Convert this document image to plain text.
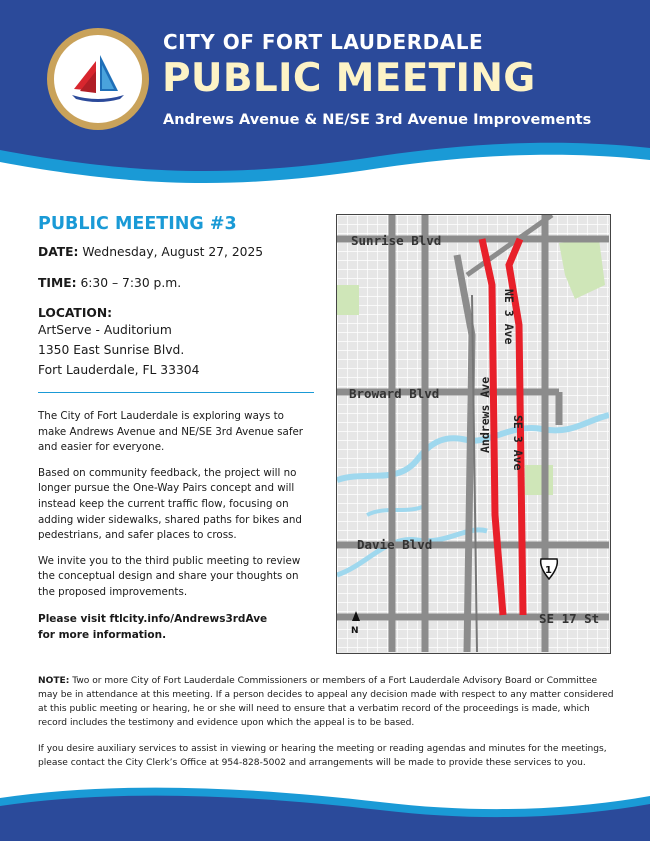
CITY OF FORT LAUDERDALE
PUBLIC MEETING
Andrews Avenue & NE/SE 3rd Avenue Improvements
PUBLIC MEETING #3
DATE: Wednesday, August 27, 2025
TIME: 6:30 – 7:30 p.m.
LOCATION:
ArtServe - Auditorium
1350 East Sunrise Blvd.
Fort Lauderdale, FL 33304

The City of Fort Lauderdale is exploring ways to make Andrews Avenue and NE/SE 3rd Avenue safer and easier for everyone.

Based on community feedback, the project will no longer pursue the One-Way Pairs concept and will instead keep the current traffic flow, focusing on adding wider sidewalks, shared paths for bikes and pedestrians, and safer places to cross.

We invite you to the third public meeting to review the conceptual design and share your thoughts on the proposed improvements.

Please visit ftlcity.info/Andrews3rdAve
for more information.
Sunrise Blvd
Broward Blvd
Davie Blvd
SE 17 St
Andrews Ave
NE 3 Ave
SE 3 Ave
1
N

NOTE: Two or more City of Fort Lauderdale Commissioners or members of a Fort Lauderdale Advisory Board or Committee may be in attendance at this meeting. If a person decides to appeal any decision made with respect to any matter considered at this public meeting or hearing, he or she will need to ensure that a verbatim record of the proceedings is made, which record includes the testimony and evidence upon which the appeal is to be based.

If you desire auxiliary services to assist in viewing or hearing the meeting or reading agendas and minutes for the meetings, please contact the City Clerk’s Office at 954-828-5002 and arrangements will be made to provide these services to you.
